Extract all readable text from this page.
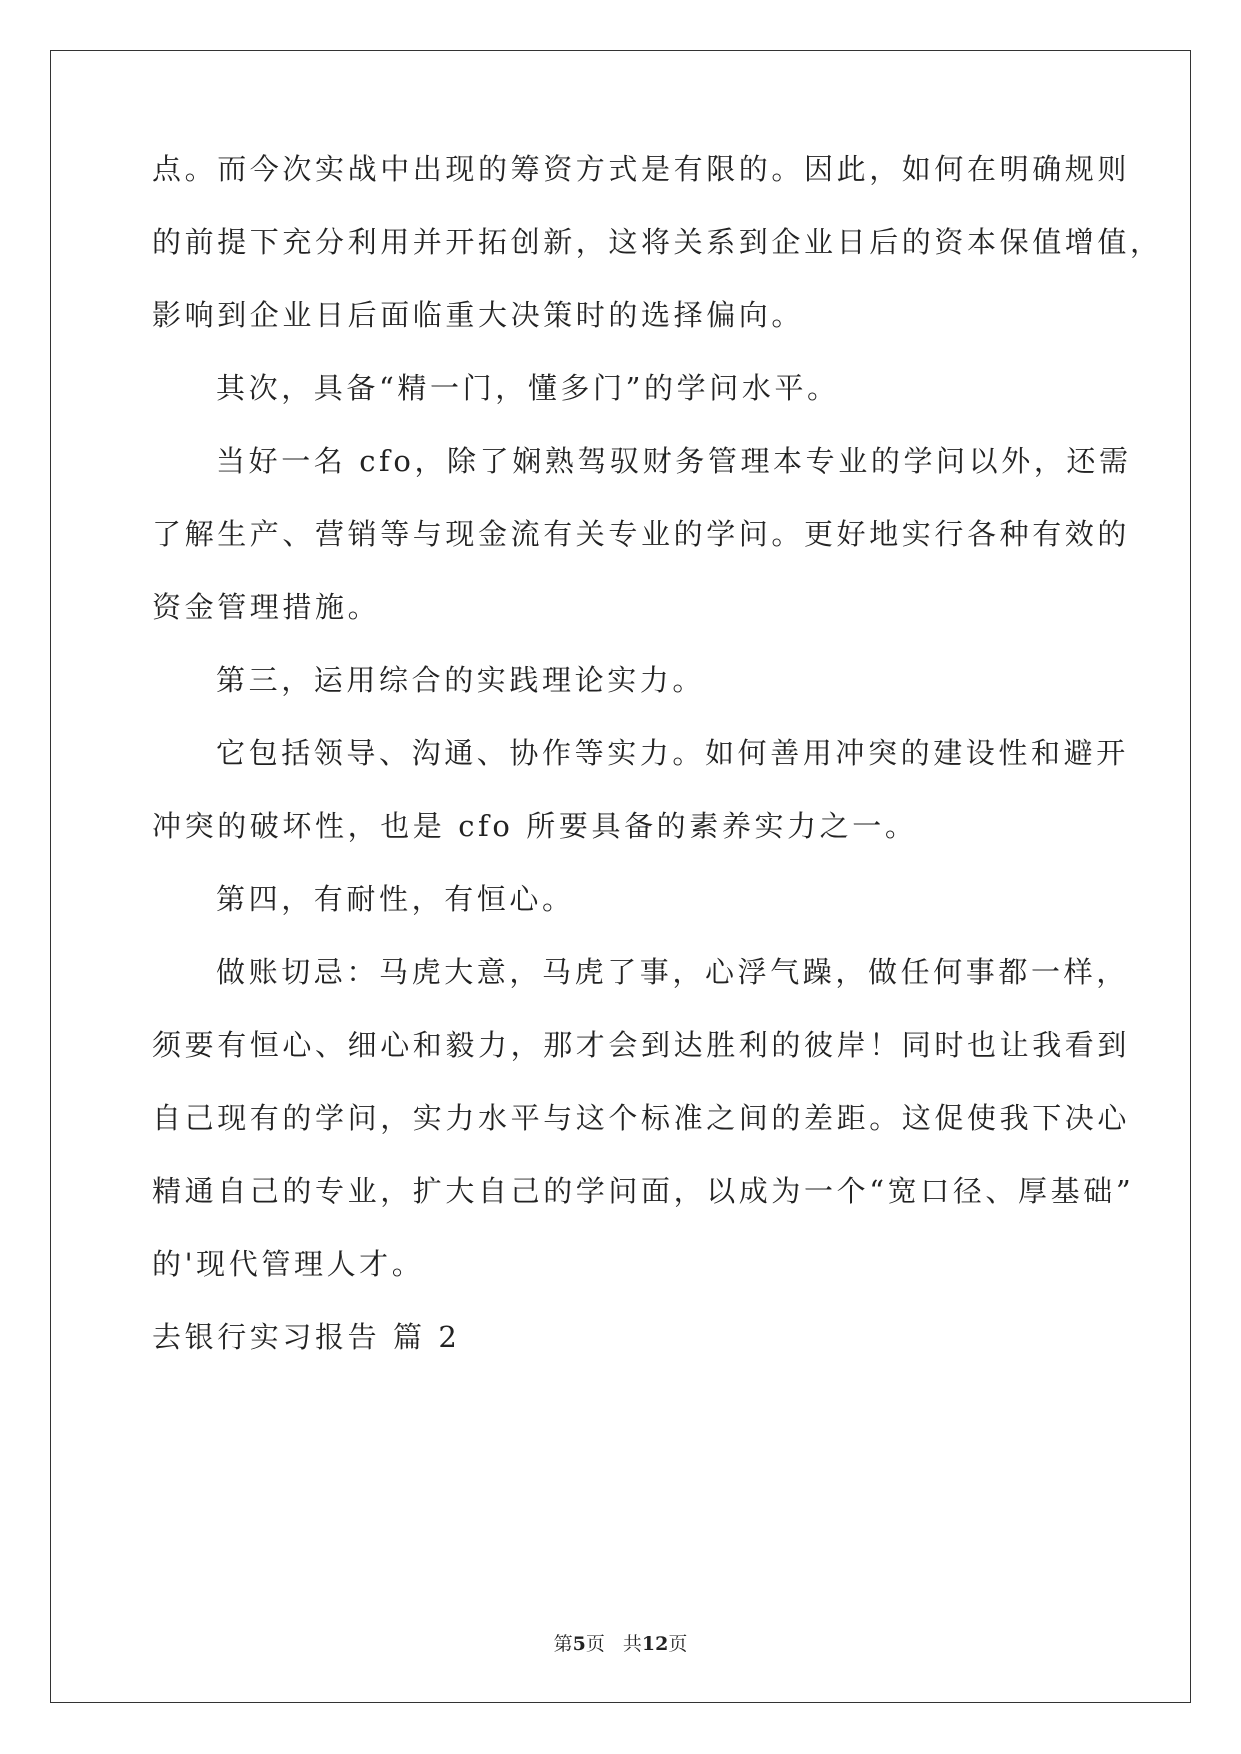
点。而今次实战中出现的筹资方式是有限的。因此，如何在明确规则
的前提下充分利用并开拓创新，这将关系到企业日后的资本保值增值，
影响到企业日后面临重大决策时的选择偏向。
其次，具备“精一门，懂多门”的学问水平。
当好一名 cfo，除了娴熟驾驭财务管理本专业的学问以外，还需
了解生产、营销等与现金流有关专业的学问。更好地实行各种有效的
资金管理措施。
第三，运用综合的实践理论实力。
它包括领导、沟通、协作等实力。如何善用冲突的建设性和避开
冲突的破坏性，也是 cfo 所要具备的素养实力之一。
第四，有耐性，有恒心。
做账切忌：马虎大意，马虎了事，心浮气躁，做任何事都一样，
须要有恒心、细心和毅力，那才会到达胜利的彼岸！同时也让我看到
自己现有的学问，实力水平与这个标准之间的差距。这促使我下决心
精通自己的专业，扩大自己的学问面，以成为一个“宽口径、厚基础”
的'现代管理人才。
去银行实习报告 篇 2
第5页 共12页
